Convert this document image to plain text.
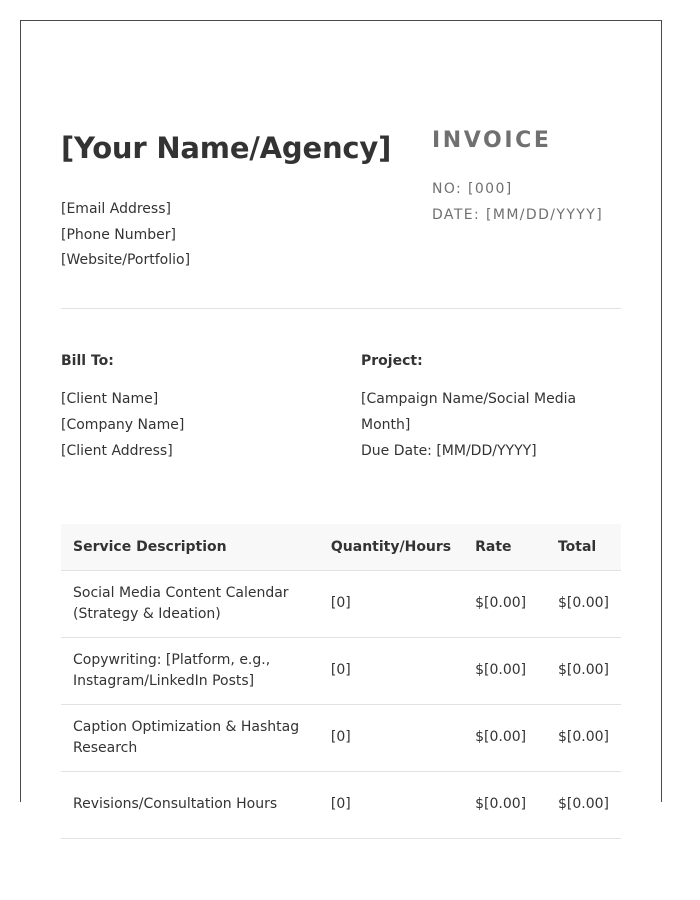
[Your Name/Agency]
[Email Address]
[Phone Number]
[Website/Portfolio]
INVOICE
NO: [000]
DATE: [MM/DD/YYYY]
Bill To:
[Client Name]
[Company Name]
[Client Address]
Project:
[Campaign Name/Social Media
Month]
Due Date: [MM/DD/YYYY]
Service Description	Quantity/Hours	Rate	Total

Social Media Content Calendar
(Strategy & Ideation)	[0]	$[0.00]	$[0.00]

Copywriting: [Platform, e.g.,
Instagram/LinkedIn Posts]	[0]	$[0.00]	$[0.00]

Caption Optimization & Hashtag
Research	[0]	$[0.00]	$[0.00]

Revisions/Consultation Hours	[0]	$[0.00]	$[0.00]
